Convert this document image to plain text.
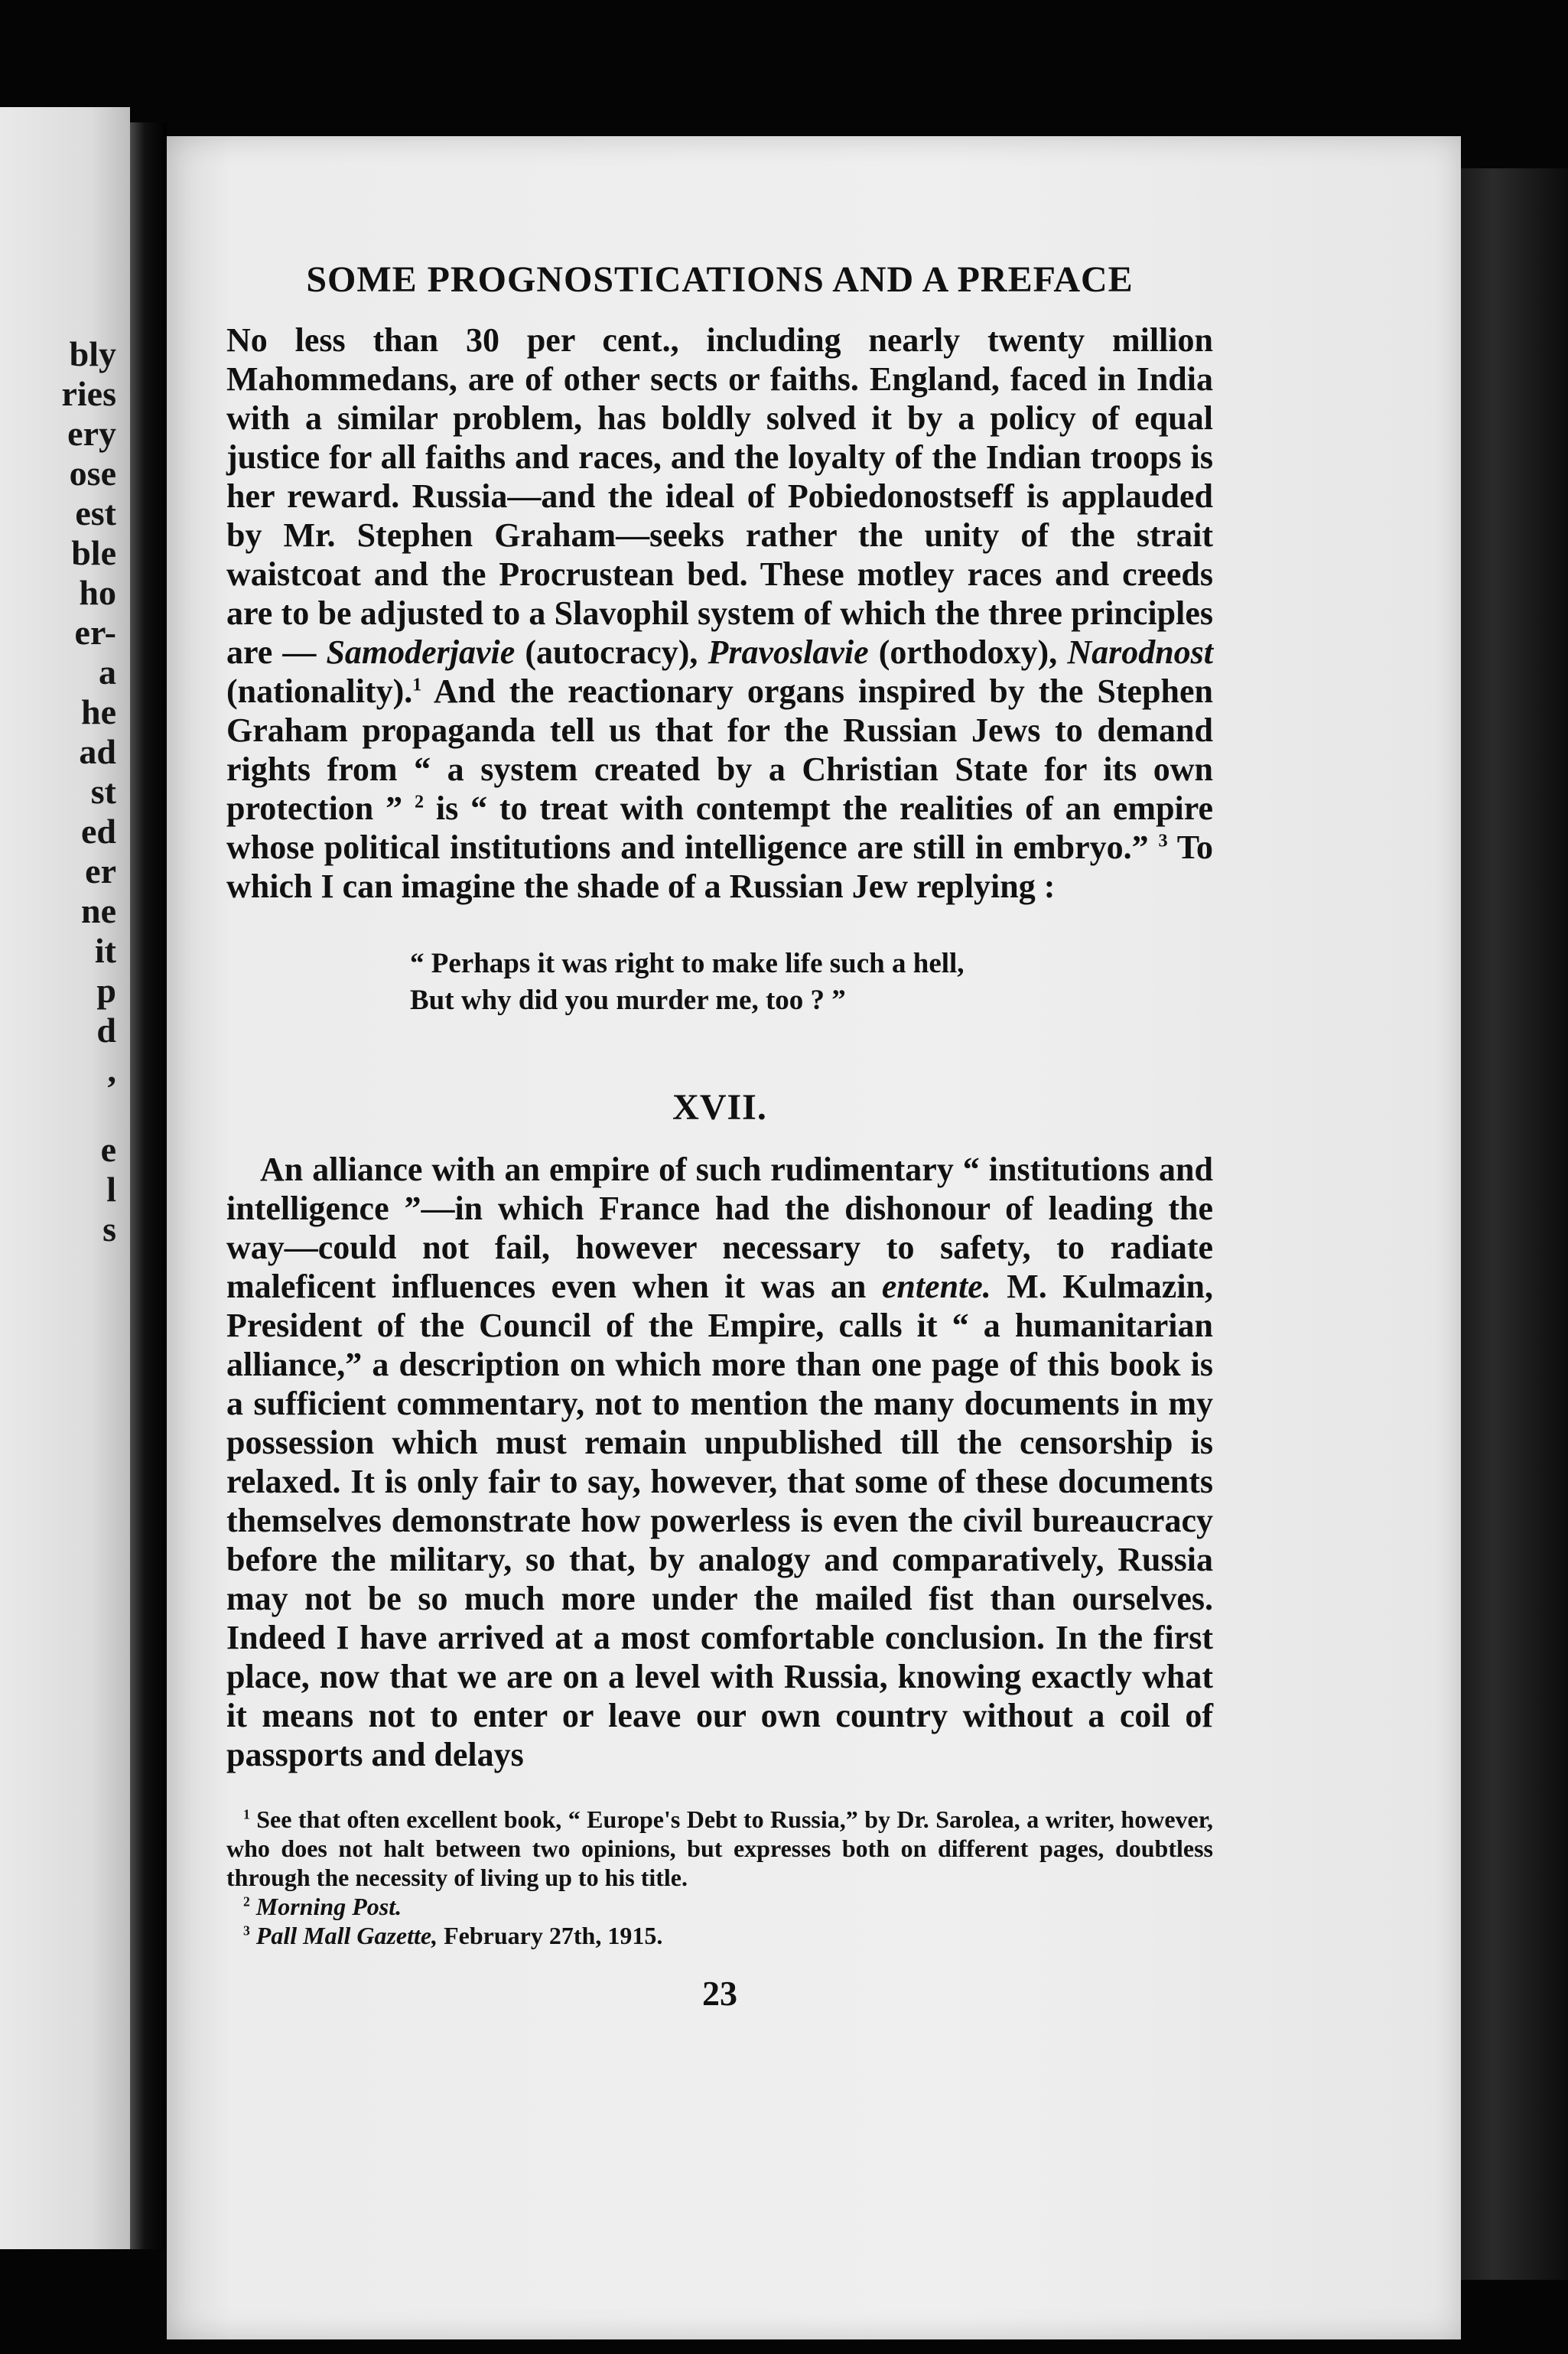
bly
ries
ery
ose
est
ble
ho
er-
a
he
ad
st
ed
er
ne
it
p
d
,
e
l
s
SOME PROGNOSTICATIONS AND A PREFACE

No less than 30 per cent., including nearly twenty million Mahommedans, are of other sects or faiths. England, faced in India with a similar problem, has boldly solved it by a policy of equal justice for all faiths and races, and the loyalty of the Indian troops is her reward. Russia—and the ideal of Pobiedonostseff is applauded by Mr. Stephen Graham—seeks rather the unity of the strait waistcoat and the Procrustean bed. These motley races and creeds are to be adjusted to a Slavophil system of which the three principles are — Samoderjavie (autocracy), Pravoslavie (orthodoxy), Narodnost (nationality).$^1$ And the reactionary organs inspired by the Stephen Graham propaganda tell us that for the Russian Jews to demand rights from “ a system created by a Christian State for its own protection ” $^2$ is “ to treat with contempt the realities of an empire whose political institutions and intelligence are still in embryo.” $^3$ To which I can imagine the shade of a Russian Jew replying :

“ Perhaps it was right to make life such a hell,
But why did you murder me, too ? ”
XVII.

An alliance with an empire of such rudimentary “ institutions and intelligence ”—in which France had the dishonour of leading the way—could not fail, however necessary to safety, to radiate maleficent influences even when it was an entente. M. Kulmazin, President of the Council of the Empire, calls it “ a humanitarian alliance,” a description on which more than one page of this book is a sufficient commentary, not to mention the many documents in my possession which must remain unpublished till the censorship is relaxed. It is only fair to say, however, that some of these documents themselves demonstrate how powerless is even the civil bureaucracy before the military, so that, by analogy and comparatively, Russia may not be so much more under the mailed fist than ourselves. Indeed I have arrived at a most comfortable conclusion. In the first place, now that we are on a level with Russia, knowing exactly what it means not to enter or leave our own country without a coil of passports and delays

$^1$ See that often excellent book, “ Europe's Debt to Russia,” by Dr. Sarolea, a writer, however, who does not halt between two opinions, but expresses both on different pages, doubtless through the necessity of living up to his title.

$^2$ Morning Post.

$^3$ Pall Mall Gazette, February 27th, 1915.

23
